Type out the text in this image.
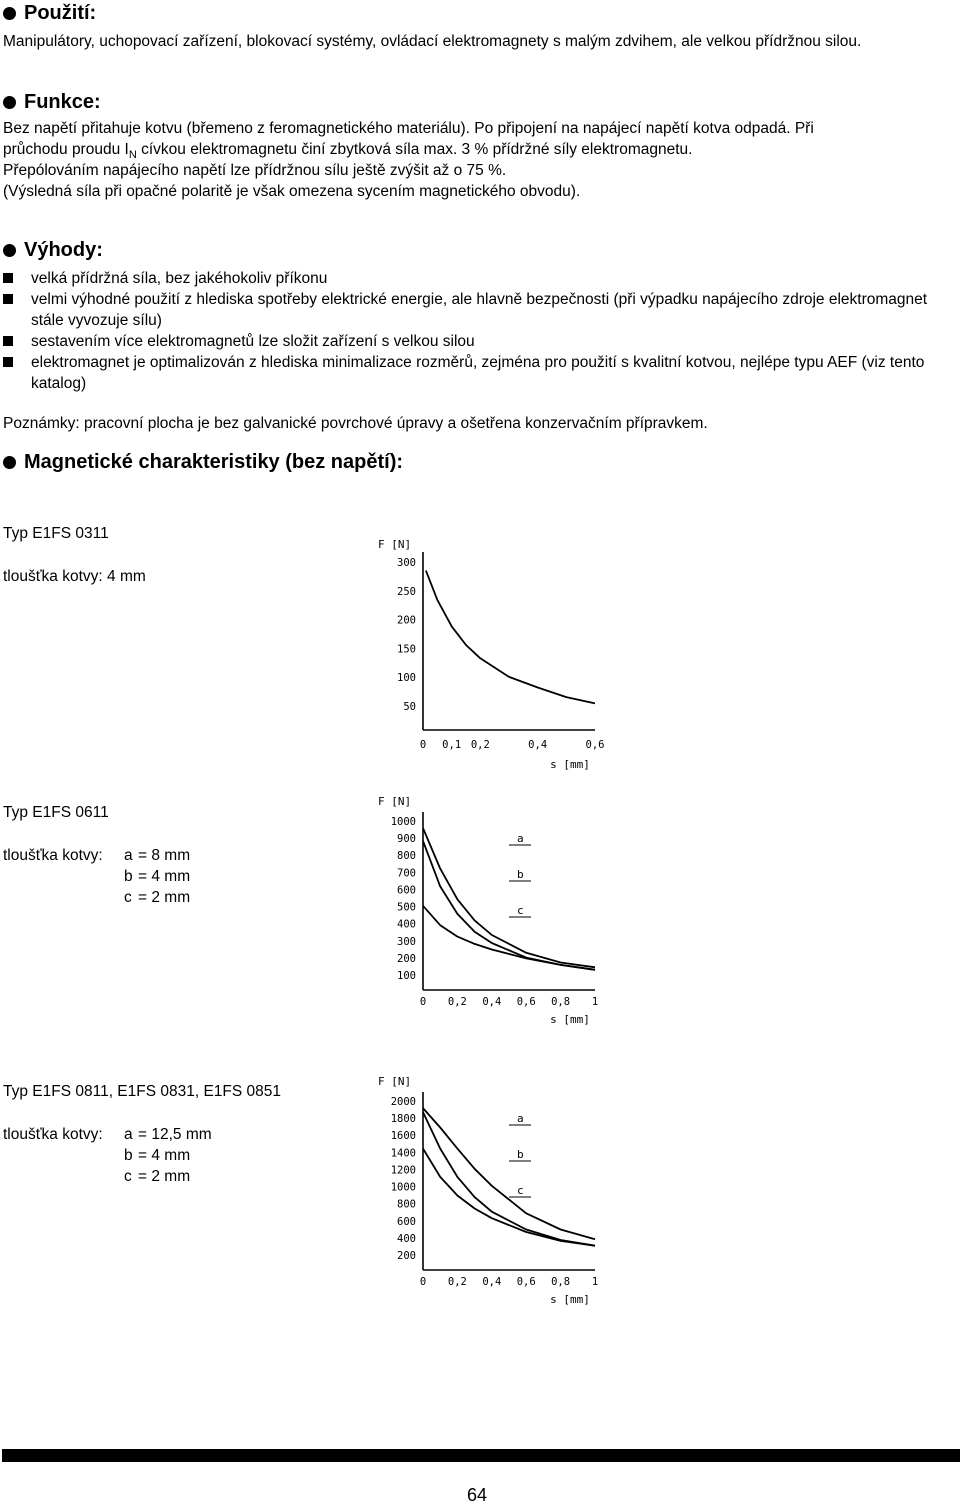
Použití:
Manipulátory, uchopovací zařízení, blokovací systémy, ovládací elektromagnety s malým zdvihem, ale velkou přídržnou silou.
Funkce:
Bez napětí přitahuje kotvu (břemeno z feromagnetického materiálu). Po připojení na napájecí napětí kotva odpadá. Při
průchodu proudu $I_N$ cívkou elektromagnetu činí zbytková síla max. 3 % přídržné síly elektromagnetu.
Přepólováním napájecího napětí lze přídržnou sílu ještě zvýšit až o 75 %.
(Výsledná síla při opačné polaritě je však omezena sycením magnetického obvodu).
Výhody:
velká přídržná síla, bez jakéhokoliv příkonu
velmi výhodné použití z hlediska spotřeby elektrické energie, ale hlavně bezpečnosti (při výpadku napájecího zdroje elektromagnet stále vyvozuje sílu)
sestavením více elektromagnetů lze složit zařízení s velkou silou
elektromagnet je optimalizován z hlediska minimalizace rozměrů, zejména pro použití s kvalitní kotvou, nejlépe typu AEF (viz tento katalog)
Poznámky: pracovní plocha je bez galvanické povrchové úpravy a ošetřena konzervačním přípravkem.
Magnetické charakteristiky (bez napětí):
Typ E1FS 0311
tloušťka kotvy: 4 mm
Typ E1FS 0611
tloušťka kotvy:	a = 8 mm
b = 4 mm
c = 2 mm
Typ E1FS 0811, E1FS 0831, E1FS 0851
tloušťka kotvy:	a = 12,5 mm
b = 4 mm
c = 2 mm
F [N]
300
250
200
150
100
50
0 0,1 0,2	0,4	0,6
s [mm]
F [N]
1000
900
800
700
600
500
400
300
200
100
0 0,2 0,4 0,6 0,8 1
s [mm]
a
b
c
F [N]
2000
1800
1600
1400
1200
1000
800
600
400
200
0 0,2 0,4 0,6 0,8 1
s [mm]
a
b
c
64
